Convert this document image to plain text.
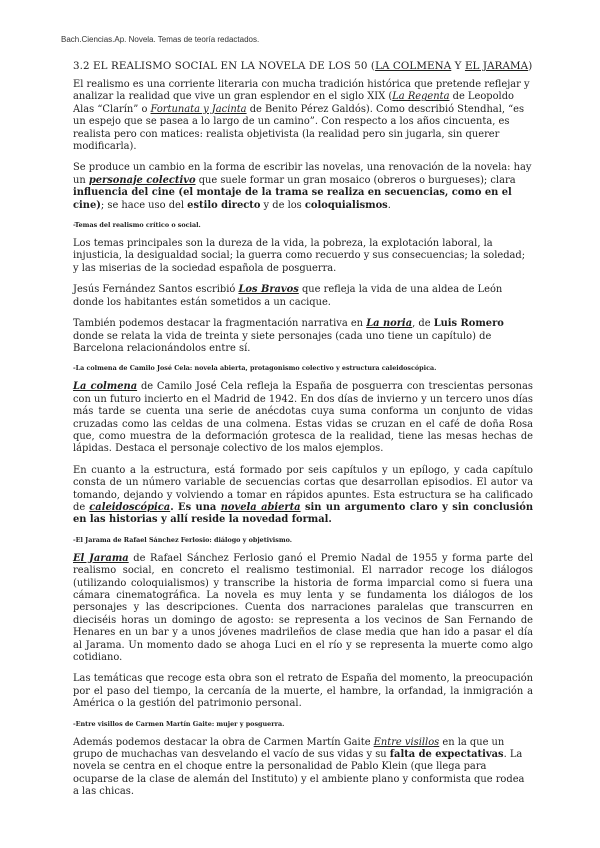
Bach.Ciencias.Ap. Novela. Temas de teoría redactados.
3.2 EL REALISMO SOCIAL EN LA NOVELA DE LOS 50 (LA COLMENA Y EL JARAMA)

El realismo es una corriente literaria con mucha tradición histórica que pretende reflejar y analizar la realidad que vive un gran esplendor en el siglo XIX (La Regenta de Leopoldo Alas “Clarín” o Fortunata y Jacinta de Benito Pérez Galdós). Como describió Stendhal, “es un espejo que se pasea a lo largo de un camino”. Con respecto a los años cincuenta, es realista pero con matices: realista objetivista (la realidad pero sin jugarla, sin querer modificarla).

Se produce un cambio en la forma de escribir las novelas, una renovación de la novela: hay un personaje colectivo que suele formar un gran mosaico (obreros o burgueses); clara influencia del cine (el montaje de la trama se realiza en secuencias, como en el cine); se hace uso del estilo directo y de los coloquialismos.

-Temas del realismo crítico o social.

Los temas principales son la dureza de la vida, la pobreza, la explotación laboral, la injusticia, la desigualdad social; la guerra como recuerdo y sus consecuencias; la soledad; y las miserias de la sociedad española de posguerra.

Jesús Fernández Santos escribió Los Bravos que refleja la vida de una aldea de León donde los habitantes están sometidos a un cacique.

También podemos destacar la fragmentación narrativa en La noria, de Luis Romero donde se relata la vida de treinta y siete personajes (cada uno tiene un capítulo) de Barcelona relacionándolos entre sí.

-La colmena de Camilo José Cela: novela abierta, protagonismo colectivo y estructura caleidoscópica.

La colmena de Camilo José Cela refleja la España de posguerra con trescientas personas con un futuro incierto en el Madrid de 1942. En dos días de invierno y un tercero unos días más tarde se cuenta una serie de anécdotas cuya suma conforma un conjunto de vidas cruzadas como las celdas de una colmena. Estas vidas se cruzan en el café de doña Rosa que, como muestra de la deformación grotesca de la realidad, tiene las mesas hechas de lápidas. Destaca el personaje colectivo de los malos ejemplos.

En cuanto a la estructura, está formado por seis capítulos y un epílogo, y cada capítulo consta de un número variable de secuencias cortas que desarrollan episodios. El autor va tomando, dejando y volviendo a tomar en rápidos apuntes. Esta estructura se ha calificado de caleidoscópica. Es una novela abierta sin un argumento claro y sin conclusión en las historias y allí reside la novedad formal.

-El Jarama de Rafael Sánchez Ferlosio: diálogo y objetivismo.

El Jarama de Rafael Sánchez Ferlosio ganó el Premio Nadal de 1955 y forma parte del realismo social, en concreto el realismo testimonial. El narrador recoge los diálogos (utilizando coloquialismos) y transcribe la historia de forma imparcial como si fuera una cámara cinematográfica. La novela es muy lenta y se fundamenta los diálogos de los personajes y las descripciones. Cuenta dos narraciones paralelas que transcurren en dieciséis horas un domingo de agosto: se representa a los vecinos de San Fernando de Henares en un bar y a unos jóvenes madrileños de clase media que han ido a pasar el día al Jarama. Un momento dado se ahoga Luci en el río y se representa la muerte como algo cotidiano.

Las temáticas que recoge esta obra son el retrato de España del momento, la preocupación por el paso del tiempo, la cercanía de la muerte, el hambre, la orfandad, la inmigración a América o la gestión del patrimonio personal.

-Entre visillos de Carmen Martín Gaite: mujer y posguerra.

Además podemos destacar la obra de Carmen Martín Gaite Entre visillos en la que un grupo de muchachas van desvelando el vacío de sus vidas y su falta de expectativas. La novela se centra en el choque entre la personalidad de Pablo Klein (que llega para ocuparse de la clase de alemán del Instituto) y el ambiente plano y conformista que rodea a las chicas.
